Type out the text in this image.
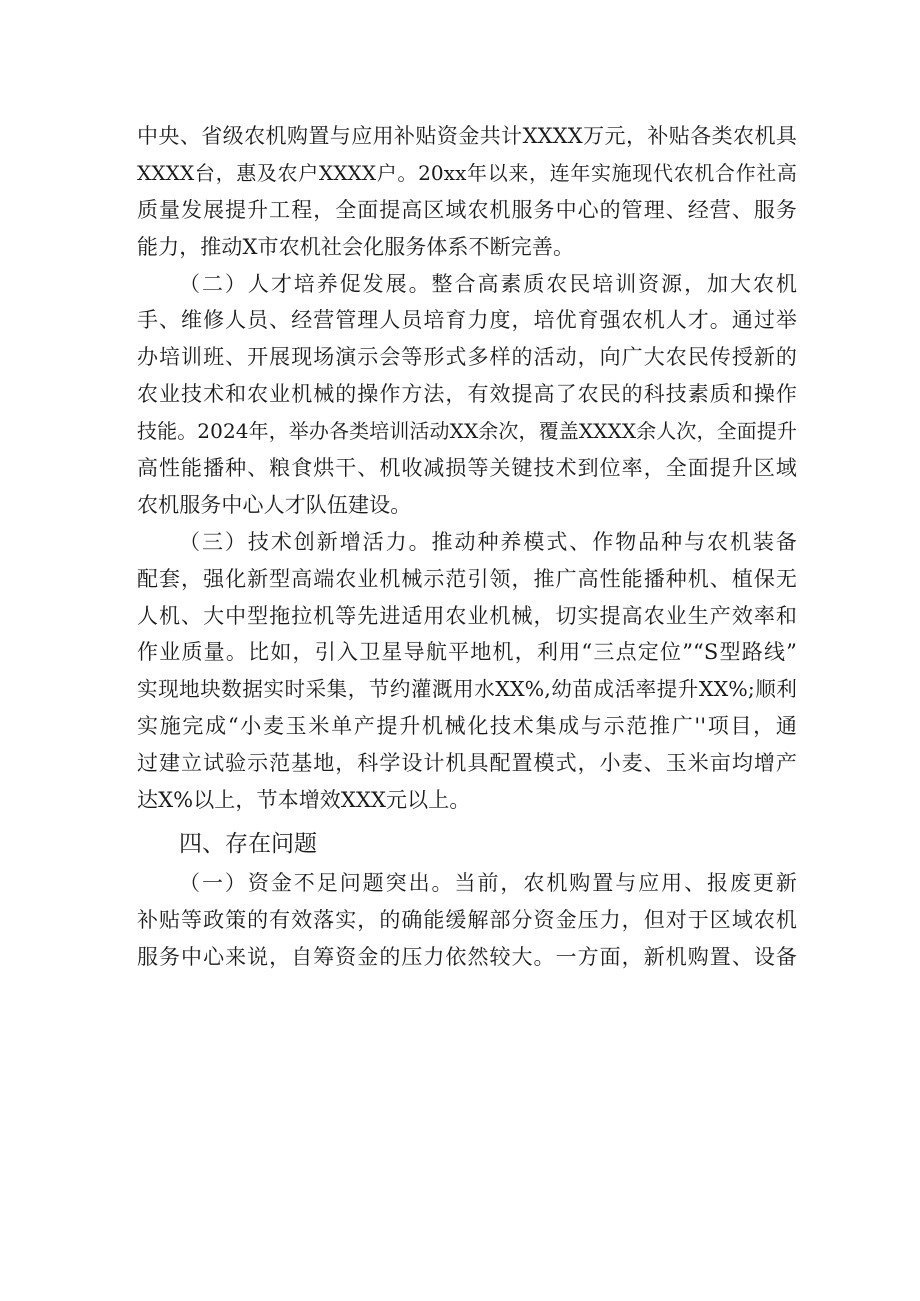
中央、省级农机购置与应用补贴资金共计XXXX万元，补贴各类农机具
XXXX台，惠及农户XXXX户。20xx年以来，连年实施现代农机合作社高
质量发展提升工程，全面提高区域农机服务中心的管理、经营、服务
能力，推动X市农机社会化服务体系不断完善。
（二）人才培养促发展。整合高素质农民培训资源，加大农机
手、维修人员、经营管理人员培育力度，培优育强农机人才。通过举
办培训班、开展现场演示会等形式多样的活动，向广大农民传授新的
农业技术和农业机械的操作方法，有效提高了农民的科技素质和操作
技能。2024年，举办各类培训活动XX余次，覆盖XXXX余人次，全面提升
高性能播种、粮食烘干、机收减损等关键技术到位率，全面提升区域
农机服务中心人才队伍建设。
（三）技术创新增活力。推动种养模式、作物品种与农机装备
配套，强化新型高端农业机械示范引领，推广高性能播种机、植保无
人机、大中型拖拉机等先进适用农业机械，切实提高农业生产效率和
作业质量。比如，引入卫星导航平地机，利用“三点定位”“S型路线”
实现地块数据实时采集，节约灌溉用水XX%,幼苗成活率提升XX%;顺利
实施完成“小麦玉米单产提升机械化技术集成与示范推广''项目，通
过建立试验示范基地，科学设计机具配置模式，小麦、玉米亩均增产
达X%以上，节本增效XXX元以上。
四、存在问题
（一）资金不足问题突出。当前，农机购置与应用、报废更新
补贴等政策的有效落实，的确能缓解部分资金压力，但对于区域农机
服务中心来说，自筹资金的压力依然较大。一方面，新机购置、设备
